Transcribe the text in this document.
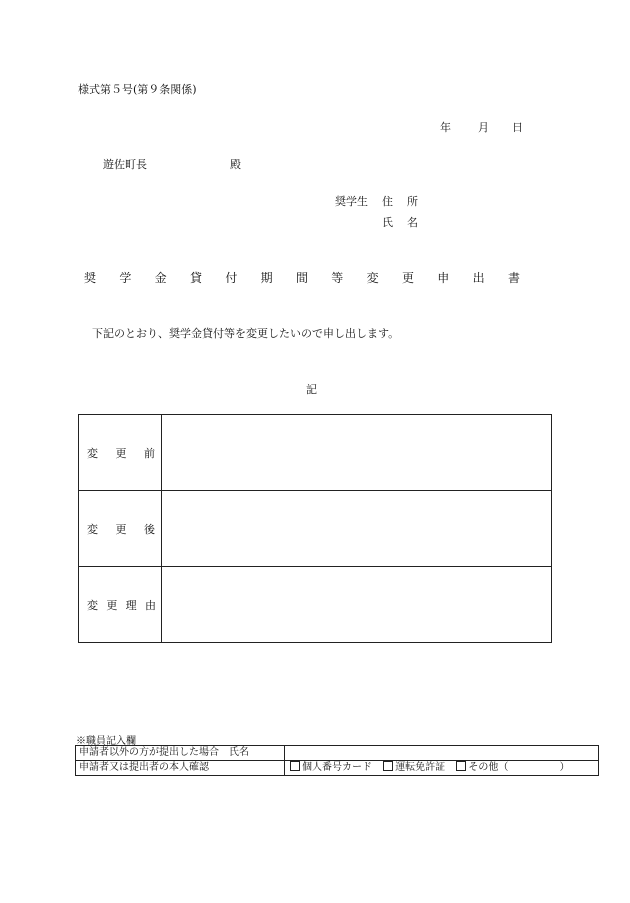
様式第５号(第９条関係)
年 月 日
遊佐町長	殿
奨学生 住 所
氏 名
奨 学 金 貸 付 期 間 等 変 更 申 出 書
下記のとおり、奨学金貸付等を変更したいので申し出します。
記
変 更 前	

変 更 後	

変 更 理 由	

※職員記入欄
申請者以外の方が提出した場合　氏名	
申請者又は提出者の本人確認	個人番号カード 運転免許証 その他（ ）
